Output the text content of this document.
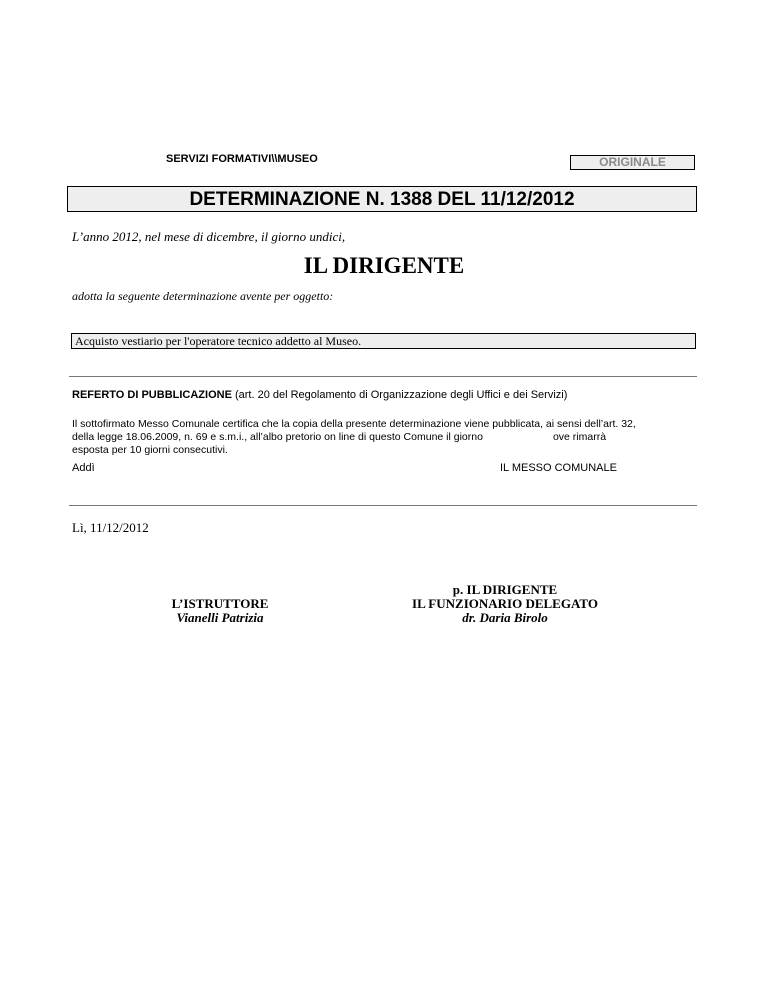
SERVIZI FORMATIVI\\MUSEO	ORIGINALE
DETERMINAZIONE N. 1388 DEL 11/12/2012
L’anno 2012, nel mese di dicembre, il giorno undici,
IL DIRIGENTE
adotta la seguente determinazione avente per oggetto:
Acquisto vestiario per l'operatore tecnico addetto al Museo.
REFERTO DI PUBBLICAZIONE (art. 20 del Regolamento di Organizzazione degli Uffici e dei Servizi)
Il sottofirmato Messo Comunale certifica che la copia della presente determinazione viene pubblicata, ai sensi dell’art. 32,
della legge 18.06.2009, n. 69 e s.m.i., all’albo pretorio on line di questo Comune il giorno	ove rimarrà
esposta per 10 giorni consecutivi.
Addì	IL MESSO COMUNALE
Lì, 11/12/2012
L’ISTRUTTORE
Vianelli Patrizia
p. IL DIRIGENTE
IL FUNZIONARIO DELEGATO
dr. Daria Birolo
